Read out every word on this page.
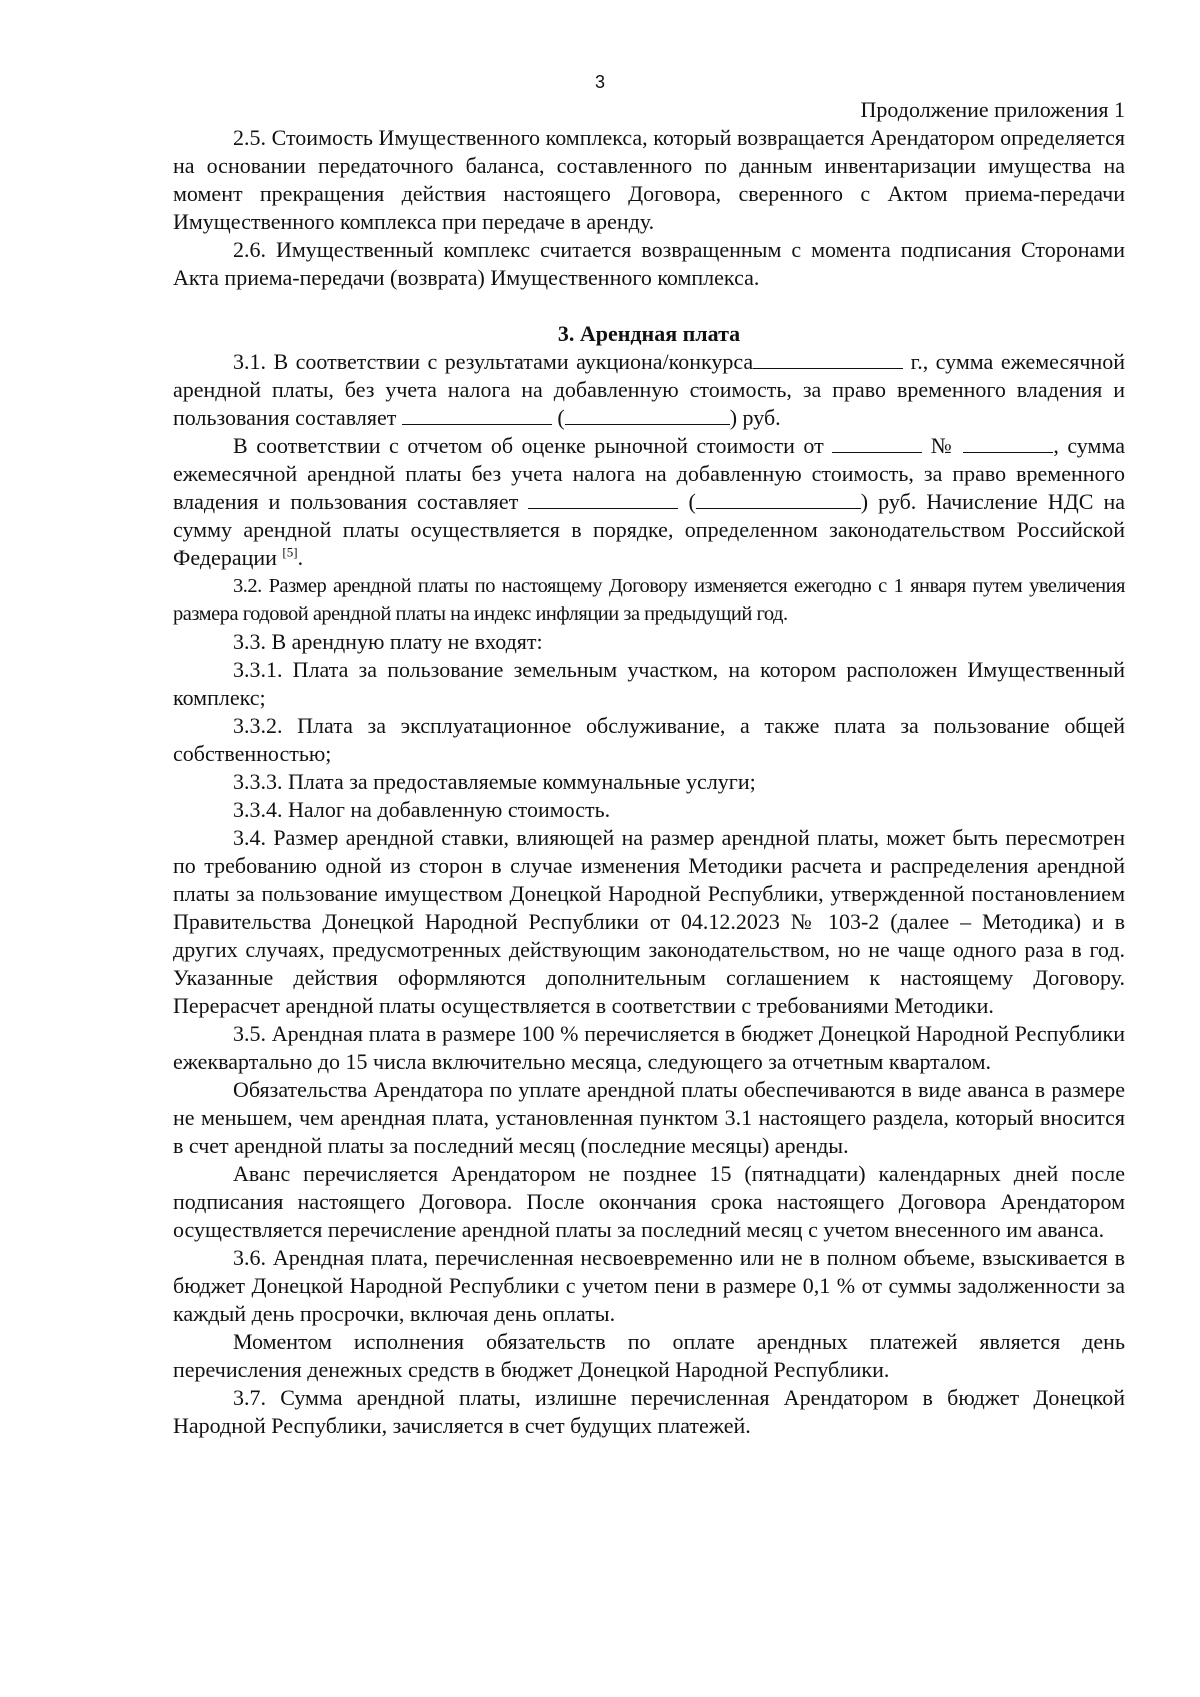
3
Продолжение приложения 1

2.5. Стоимость Имущественного комплекса, который возвращается Арендатором определяется на основании передаточного баланса, составленного по данным инвентаризации имущества на момент прекращения действия настоящего Договора, сверенного с Актом приема-передачи Имущественного комплекса при передаче в аренду.

2.6. Имущественный комплекс считается возвращенным с момента подписания Сторонами Акта приема-передачи (возврата) Имущественного комплекса.

3. Арендная плата

3.1. В соответствии с результатами аукциона/конкурса	г., сумма ежемесячной арендной платы, без учета налога на добавленную стоимость, за право временного владения и пользования составляет	(	) руб.

В соответствии с отчетом об оценке рыночной стоимости от	№	, сумма ежемесячной арендной платы без учета налога на добавленную стоимость, за право временного владения и пользования составляет	(	) руб. Начисление НДС на сумму арендной платы осуществляется в порядке, определенном законодательством Российской Федерации [5].

3.2. Размер арендной платы по настоящему Договору изменяется ежегодно с 1 января путем увеличения размера годовой арендной платы на индекс инфляции за предыдущий год.

3.3. В арендную плату не входят:

3.3.1. Плата за пользование земельным участком, на котором расположен Имущественный комплекс;

3.3.2. Плата за эксплуатационное обслуживание, а также плата за пользование общей собственностью;

3.3.3. Плата за предоставляемые коммунальные услуги;

3.3.4. Налог на добавленную стоимость.

3.4. Размер арендной ставки, влияющей на размер арендной платы, может быть пересмотрен по требованию одной из сторон в случае изменения Методики расчета и распределения арендной платы за пользование имуществом Донецкой Народной Республики, утвержденной постановлением Правительства Донецкой Народной Республики от 04.12.2023 № 103-2 (далее – Методика) и в других случаях, предусмотренных действующим законодательством, но не чаще одного раза в год. Указанные действия оформляются дополнительным соглашением к настоящему Договору. Перерасчет арендной платы осуществляется в соответствии с требованиями Методики.

3.5. Арендная плата в размере 100 % перечисляется в бюджет Донецкой Народной Республики ежеквартально до 15 числа включительно месяца, следующего за отчетным кварталом.

Обязательства Арендатора по уплате арендной платы обеспечиваются в виде аванса в размере не меньшем, чем арендная плата, установленная пунктом 3.1 настоящего раздела, который вносится в счет арендной платы за последний месяц (последние месяцы) аренды.

Аванс перечисляется Арендатором не позднее 15 (пятнадцати) календарных дней после подписания настоящего Договора. После окончания срока настоящего Договора Арендатором осуществляется перечисление арендной платы за последний месяц с учетом внесенного им аванса.

3.6. Арендная плата, перечисленная несвоевременно или не в полном объеме, взыскивается в бюджет Донецкой Народной Республики с учетом пени в размере 0,1 % от суммы задолженности за каждый день просрочки, включая день оплаты.

Моментом исполнения обязательств по оплате арендных платежей является день перечисления денежных средств в бюджет Донецкой Народной Республики.

3.7. Сумма арендной платы, излишне перечисленная Арендатором в бюджет Донецкой Народной Республики, зачисляется в счет будущих платежей.
